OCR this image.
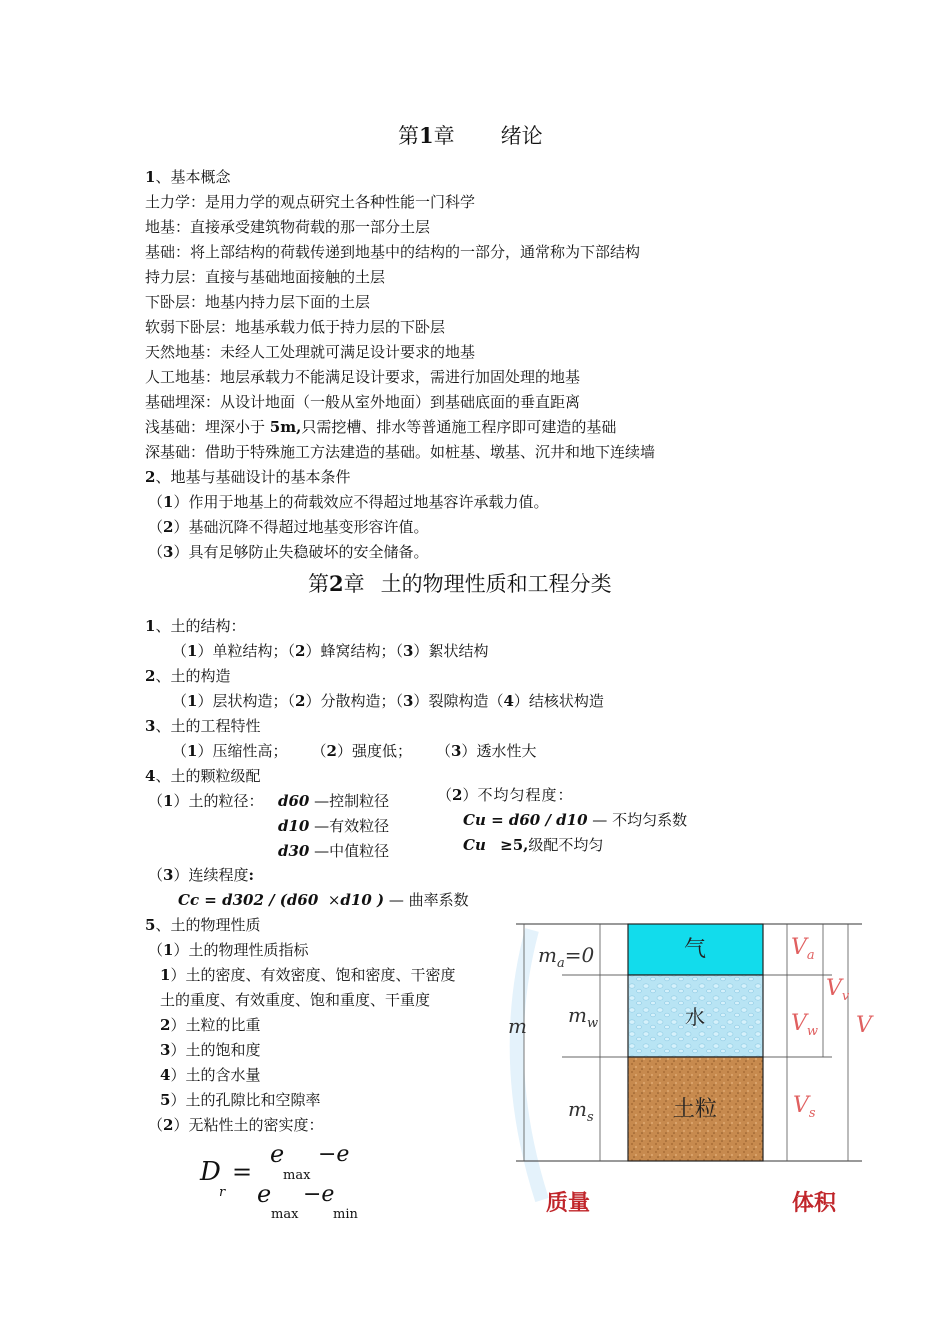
第1章 绪论
1、基本概念
土力学：是用力学的观点研究土各种性能一门科学
地基：直接承受建筑物荷载的那一部分土层
基础：将上部结构的荷载传递到地基中的结构的一部分，通常称为下部结构
持力层：直接与基础地面接触的土层
下卧层：地基内持力层下面的土层
软弱下卧层：地基承载力低于持力层的下卧层
天然地基：未经人工处理就可满足设计要求的地基
人工地基：地层承载力不能满足设计要求，需进行加固处理的地基
基础埋深：从设计地面（一般从室外地面）到基础底面的垂直距离
浅基础：埋深小于 5m,只需挖槽、排水等普通施工程序即可建造的基础
深基础：借助于特殊施工方法建造的基础。如桩基、墩基、沉井和地下连续墙
2、地基与基础设计的基本条件
（1）作用于地基上的荷载效应不得超过地基容许承载力值。
（2）基础沉降不得超过地基变形容许值。
（3）具有足够防止失稳破坏的安全储备。
第2章 土的物理性质和工程分类
1、土的结构：
（1）单粒结构；（2）蜂窝结构；（3）絮状结构
2、土的构造
（1）层状构造；（2）分散构造；（3）裂隙构造（4）结核状构造
3、土的工程特性
（1）压缩性高； （2）强度低； （3）透水性大
4、土的颗粒级配
（1）土的粒径： d60 —控制粒径
d10 —有效粒径
d30 —中值粒径
（2）不均匀程度：
Cu = d60 / d10 — 不均匀系数
Cu ≥5,级配不均匀
（3）连续程度:
Cc = d302 / (d60 ×d10 ) — 曲率系数
5、土的物理性质
（1）土的物理性质指标
1）土的密度、有效密度、饱和密度、干密度
土的重度、有效重度、饱和重度、干重度
2）土粒的比重
3）土的饱和度
4）土的含水量
5）土的孔隙比和空隙率
（2）无粘性土的密实度：
D
r
=
e
max
−e
e
max
−e
min
气
水
土粒
$m_a=0$
$m_w$
m
$m_s$
$V_a$
$V_w$
$V_s$
$V_v$
V
质量	体积
